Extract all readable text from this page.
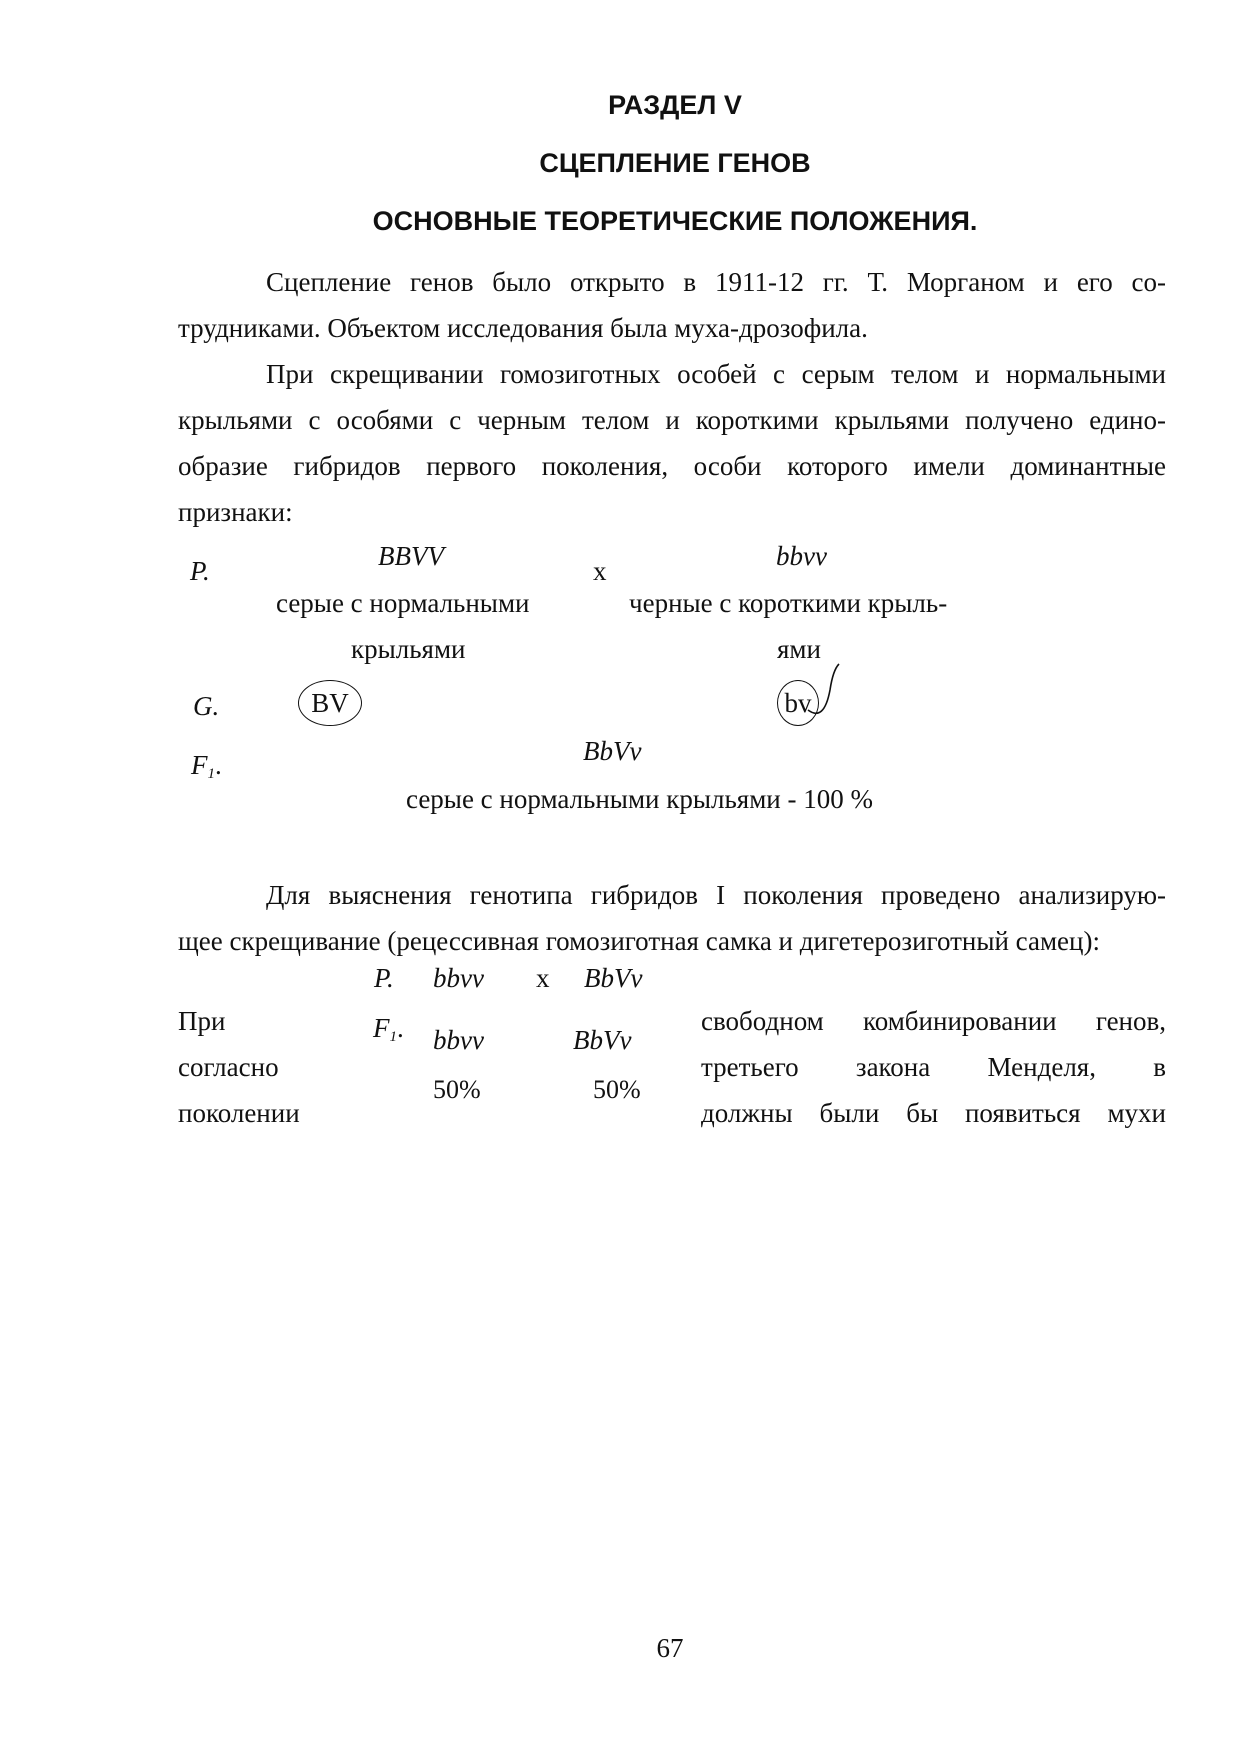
РАЗДЕЛ V
СЦЕПЛЕНИЕ ГЕНОВ
ОСНОВНЫЕ ТЕОРЕТИЧЕСКИЕ ПОЛОЖЕНИЯ.
Сцепление генов было открыто в 1911-12 гг. Т. Морганом и его со-
трудниками. Объектом исследования была муха-дрозофила.
При скрещивании гомозиготных особей с серым телом и нормальными
крыльями с особями с черным телом и короткими крыльями получено едино-
образие гибридов первого поколения, особи которого имели доминантные
признаки:
P.	BBVV	x	bbvv
серые с нормальными
крыльями
черные с короткими крыль-
ями
G.	BV	bv
$F_1$.	BbVv
серые с нормальными крыльями - 100 %
Для выяснения генотипа гибридов I поколения проведено анализирую-
щее скрещивание (рецессивная гомозиготная самка и дигетерозиготный самец):
P. bbvv x BbVv
$F_1$. bbvv	BbVv
50%	50%
При
согласно
поколении
свободном комбинировании генов,
третьего закона Менделя, в
должны были бы появиться мухи
67
